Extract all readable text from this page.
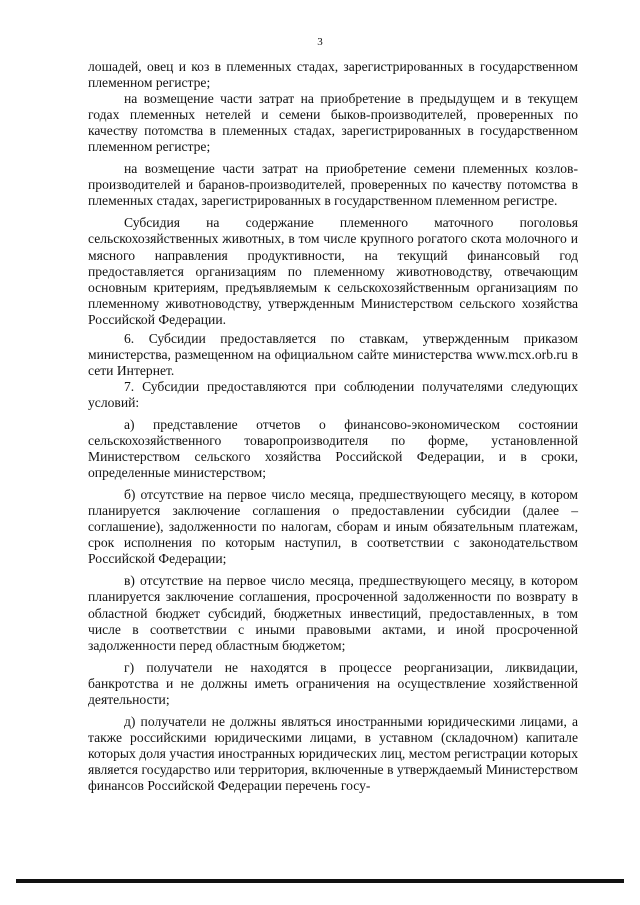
3

лошадей, овец и коз в племенных стадах, зарегистрированных в государственном племенном регистре;

на возмещение части затрат на приобретение в предыдущем и в текущем годах племенных нетелей и семени быков-производителей, проверенных по качеству потомства в племенных стадах, зарегистрированных в государственном племенном регистре;

на возмещение части затрат на приобретение семени племенных козлов-производителей и баранов-производителей, проверенных по качеству потомства в племенных стадах, зарегистрированных в государственном племенном регистре.

Субсидия на содержание племенного маточного поголовья сельскохозяйственных животных, в том числе крупного рогатого скота молочного и мясного направления продуктивности, на текущий финансовый год предоставляется организациям по племенному животноводству, отвечающим основным критериям, предъявляемым к сельскохозяйственным организациям по племенному животноводству, утвержденным Министерством сельского хозяйства Российской Федерации.

6. Субсидии предоставляется по ставкам, утвержденным приказом министерства, размещенном на официальном сайте министерства www.mcx.orb.ru в сети Интернет.

7. Субсидии предоставляются при соблюдении получателями следующих условий:

а) представление отчетов о финансово-экономическом состоянии сельскохозяйственного товаропроизводителя по форме, установленной Министерством сельского хозяйства Российской Федерации, и в сроки, определенные министерством;

б) отсутствие на первое число месяца, предшествующего месяцу, в котором планируется заключение соглашения о предоставлении субсидии (далее – соглашение), задолженности по налогам, сборам и иным обязательным платежам, срок исполнения по которым наступил, в соответствии с законодательством Российской Федерации;

в) отсутствие на первое число месяца, предшествующего месяцу, в котором планируется заключение соглашения, просроченной задолженности по возврату в областной бюджет субсидий, бюджетных инвестиций, предоставленных, в том числе в соответствии с иными правовыми актами, и иной просроченной задолженности перед областным бюджетом;

г) получатели не находятся в процессе реорганизации, ликвидации, банкротства и не должны иметь ограничения на осуществление хозяйственной деятельности;

д) получатели не должны являться иностранными юридическими лицами, а также российскими юридическими лицами, в уставном (складочном) капитале которых доля участия иностранных юридических лиц, местом регистрации которых является государство или территория, включенные в утверждаемый Министерством финансов Российской Федерации перечень госу-
